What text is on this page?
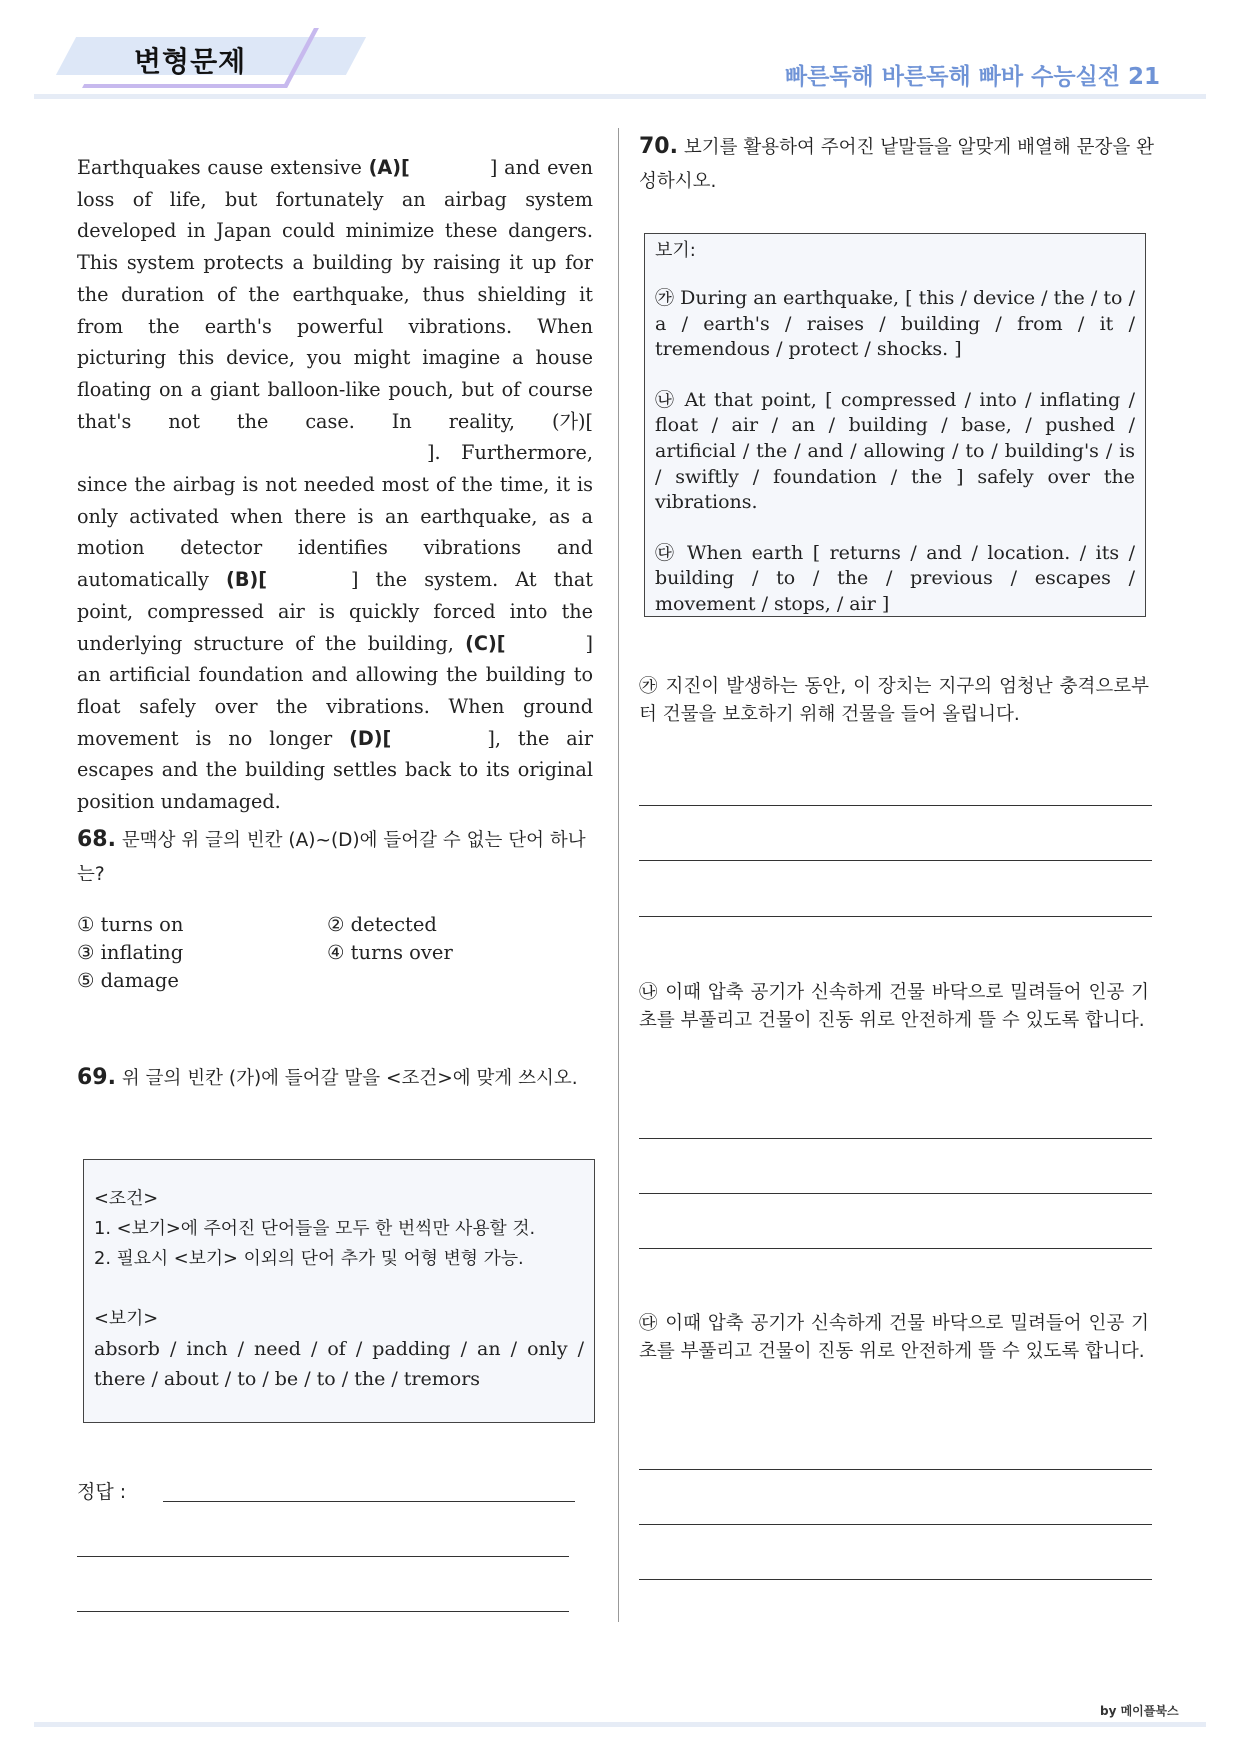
변형문제	빠른독해 바른독해 빠바 수능실전 21
Earthquakes cause extensive (A)[	] and even loss of life, but fortunately an airbag system developed in Japan could minimize these dangers. This system protects a building by raising it up for the duration of the earthquake, thus shielding it from the earth's powerful vibrations. When picturing this device, you might imagine a house floating on a giant balloon-like pouch, but of course that's not the case. In reality, (가)[]. Furthermore, since the airbag is not needed most of the time, it is only activated when there is an earthquake, as a motion detector identifies vibrations and automatically (B)[	] the system. At that point, compressed air is quickly forced into the underlying structure of the building, (C)[	] an artificial foundation and allowing the building to float safely over the vibrations. When ground movement is no longer (D)[	], the air escapes and the building settles back to its original position undamaged.
68. 문맥상 위 글의 빈칸 (A)~(D)에 들어갈 수 없는 단어 하나는?
① turns on	② detected
③ inflating	④ turns over
⑤ damage
69. 위 글의 빈칸 (가)에 들어갈 말을 <조건>에 맞게 쓰시오.
<조건>
1. <보기>에 주어진 단어들을 모두 한 번씩만 사용할 것.
2. 필요시 <보기> 이외의 단어 추가 및 어형 변형 가능.
<보기>
absorb / inch / need / of / padding / an / only / there / about / to / be / to / the / tremors
정답 :
70. 보기를 활용하여 주어진 낱말들을 알맞게 배열해 문장을 완성하시오.

보기:

㉮ During an earthquake, [ this / device / the / to / a / earth's / raises / building / from / it / tremendous / protect / shocks. ]

㉯ At that point, [ compressed / into / inflating / float / air / an / building / base, / pushed / artificial / the / and / allowing / to / building's / is / swiftly / foundation / the ] safely over the vibrations.

㉰ When earth [ returns / and / location. / its / building / to / the / previous / escapes / movement / stops, / air ]

㉮ 지진이 발생하는 동안, 이 장치는 지구의 엄청난 충격으로부터 건물을 보호하기 위해 건물을 들어 올립니다.
㉯ 이때 압축 공기가 신속하게 건물 바닥으로 밀려들어 인공 기초를 부풀리고 건물이 진동 위로 안전하게 뜰 수 있도록 합니다.
㉰ 이때 압축 공기가 신속하게 건물 바닥으로 밀려들어 인공 기초를 부풀리고 건물이 진동 위로 안전하게 뜰 수 있도록 합니다.
by 메이플북스
